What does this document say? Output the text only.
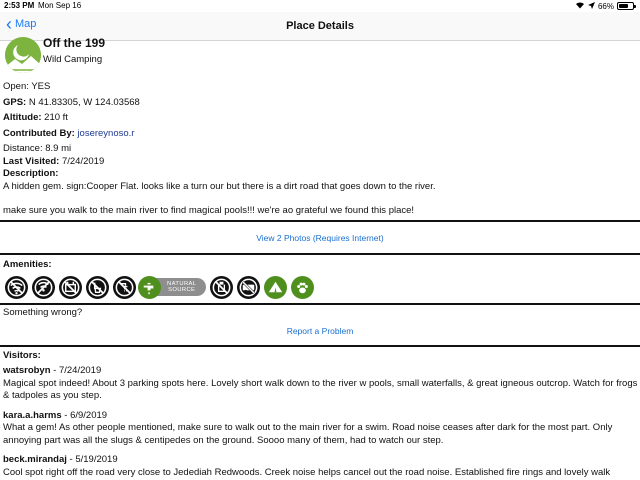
2:53 PM Mon Sep 16	66%
‹ Map	Place Details
Off the 199
Wild Camping
Open: YES
GPS: N 41.83305, W 124.03568
Altitude: 210 ft
Contributed By: josereynoso.r
Distance: 8.9 mi
Last Visited: 7/24/2019
Description:
A hidden gem. sign:Cooper Flat. looks like a turn our but there is a dirt road that goes down to the river.
make sure you walk to the main river to find magical pools!!! we're ao grateful we found this place!
View 2 Photos (Requires Internet)
Amenities:
NATURAL
SOURCE
Something wrong?
Report a Problem
Visitors:
watsrobyn - 7/24/2019
Magical spot indeed! About 3 parking spots here. Lovely short walk down to the river w pools, small waterfalls, & great igneous outcrop. Watch for frogs & tadpoles as you step.
kara.a.harms - 6/9/2019
What a gem! As other people mentioned, make sure to walk out to the main river for a swim. Road noise ceases after dark for the most part. Only annoying part was all the slugs & centipedes on the ground. Soooo many of them, had to watch our step.
beck.mirandaj - 5/19/2019
Cool spot right off the road very close to Jedediah Redwoods. Creek noise helps cancel out the road noise. Established fire rings and lovely walk
